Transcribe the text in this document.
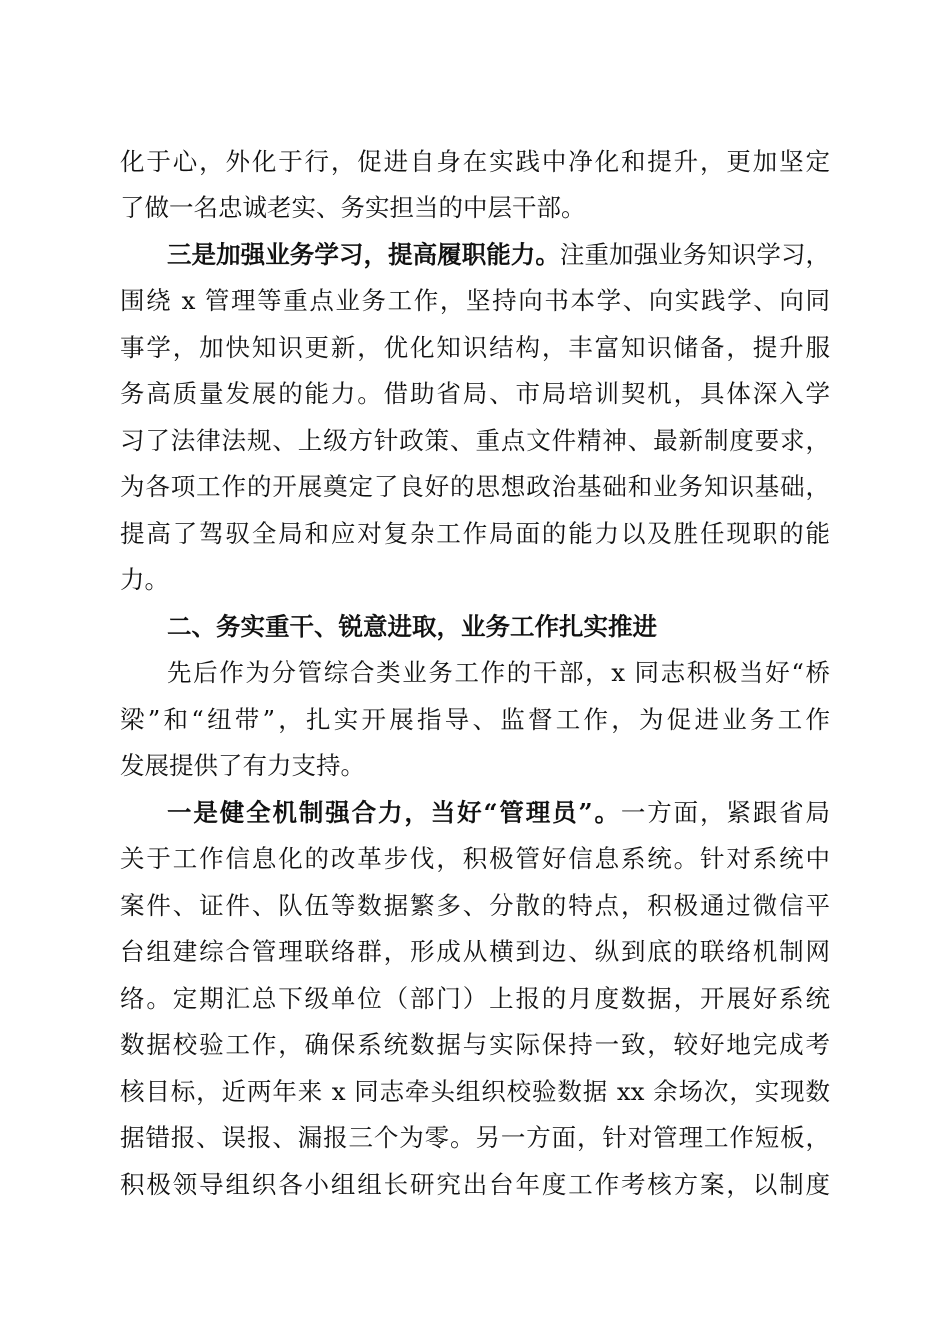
化于心，外化于行，促进自身在实践中净化和提升，更加坚定
了做一名忠诚老实、务实担当的中层干部。
三是加强业务学习，提高履职能力。注重加强业务知识学习，
围绕 x 管理等重点业务工作，坚持向书本学、向实践学、向同
事学，加快知识更新，优化知识结构，丰富知识储备，提升服
务高质量发展的能力。借助省局、市局培训契机，具体深入学
习了法律法规、上级方针政策、重点文件精神、最新制度要求，
为各项工作的开展奠定了良好的思想政治基础和业务知识基础，
提高了驾驭全局和应对复杂工作局面的能力以及胜任现职的能
力。
二、务实重干、锐意进取，业务工作扎实推进
先后作为分管综合类业务工作的干部，x 同志积极当好“桥
梁”和“纽带”，扎实开展指导、监督工作，为促进业务工作
发展提供了有力支持。
一是健全机制强合力，当好“管理员”。一方面，紧跟省局
关于工作信息化的改革步伐，积极管好信息系统。针对系统中
案件、证件、队伍等数据繁多、分散的特点，积极通过微信平
台组建综合管理联络群，形成从横到边、纵到底的联络机制网
络。定期汇总下级单位（部门）上报的月度数据，开展好系统
数据校验工作，确保系统数据与实际保持一致，较好地完成考
核目标，近两年来 x 同志牵头组织校验数据 xx 余场次，实现数
据错报、误报、漏报三个为零。另一方面，针对管理工作短板，
积极领导组织各小组组长研究出台年度工作考核方案，以制度
